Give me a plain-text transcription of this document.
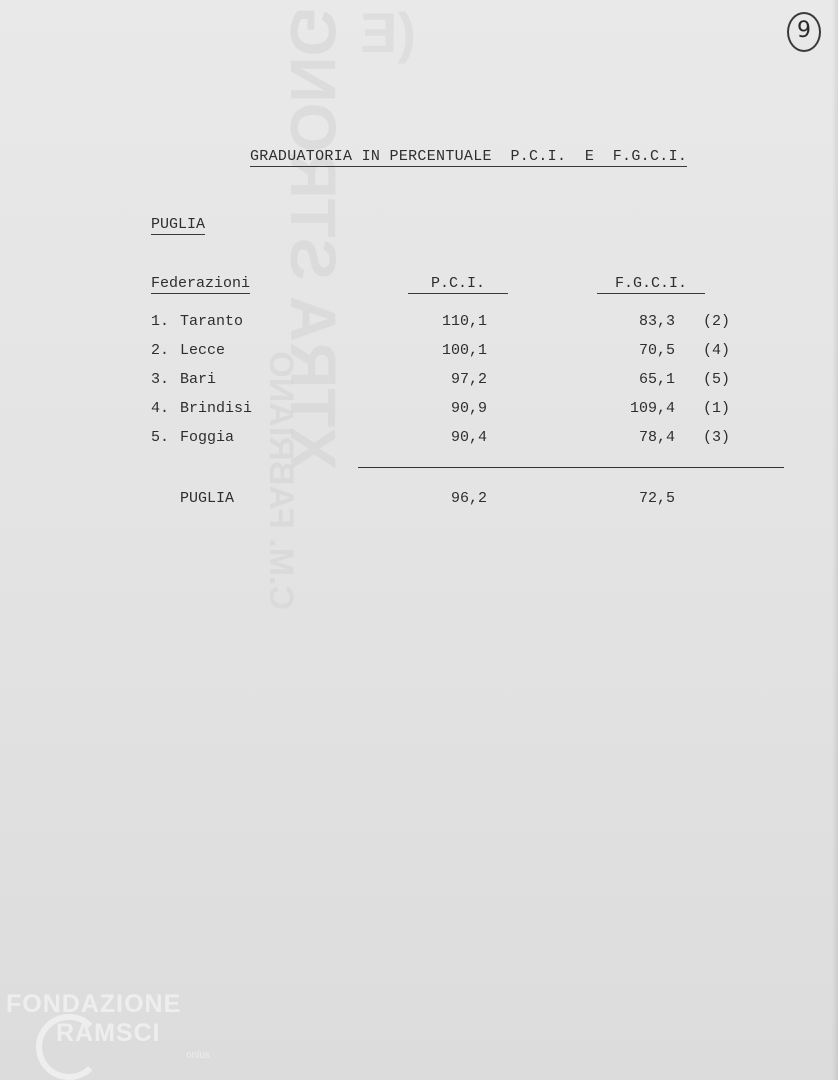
(E
XTRA STRONG
C.M. FABRIANO
9
GRADUATORIA IN PERCENTUALE  P.C.I.  E  F.G.C.I.
PUGLIA
Federazioni	P.C.I.	F.G.C.I.
1. Taranto	110,1	83,3 (2)
2. Lecce	100,1	70,5 (4)
3. Bari	97,2	65,1 (5)
4. Brindisi	90,9	109,4 (1)
5. Foggia	90,4	78,4 (3)
PUGLIA	96,2	72,5
FONDAZIONE
RAMSCI
onlus
